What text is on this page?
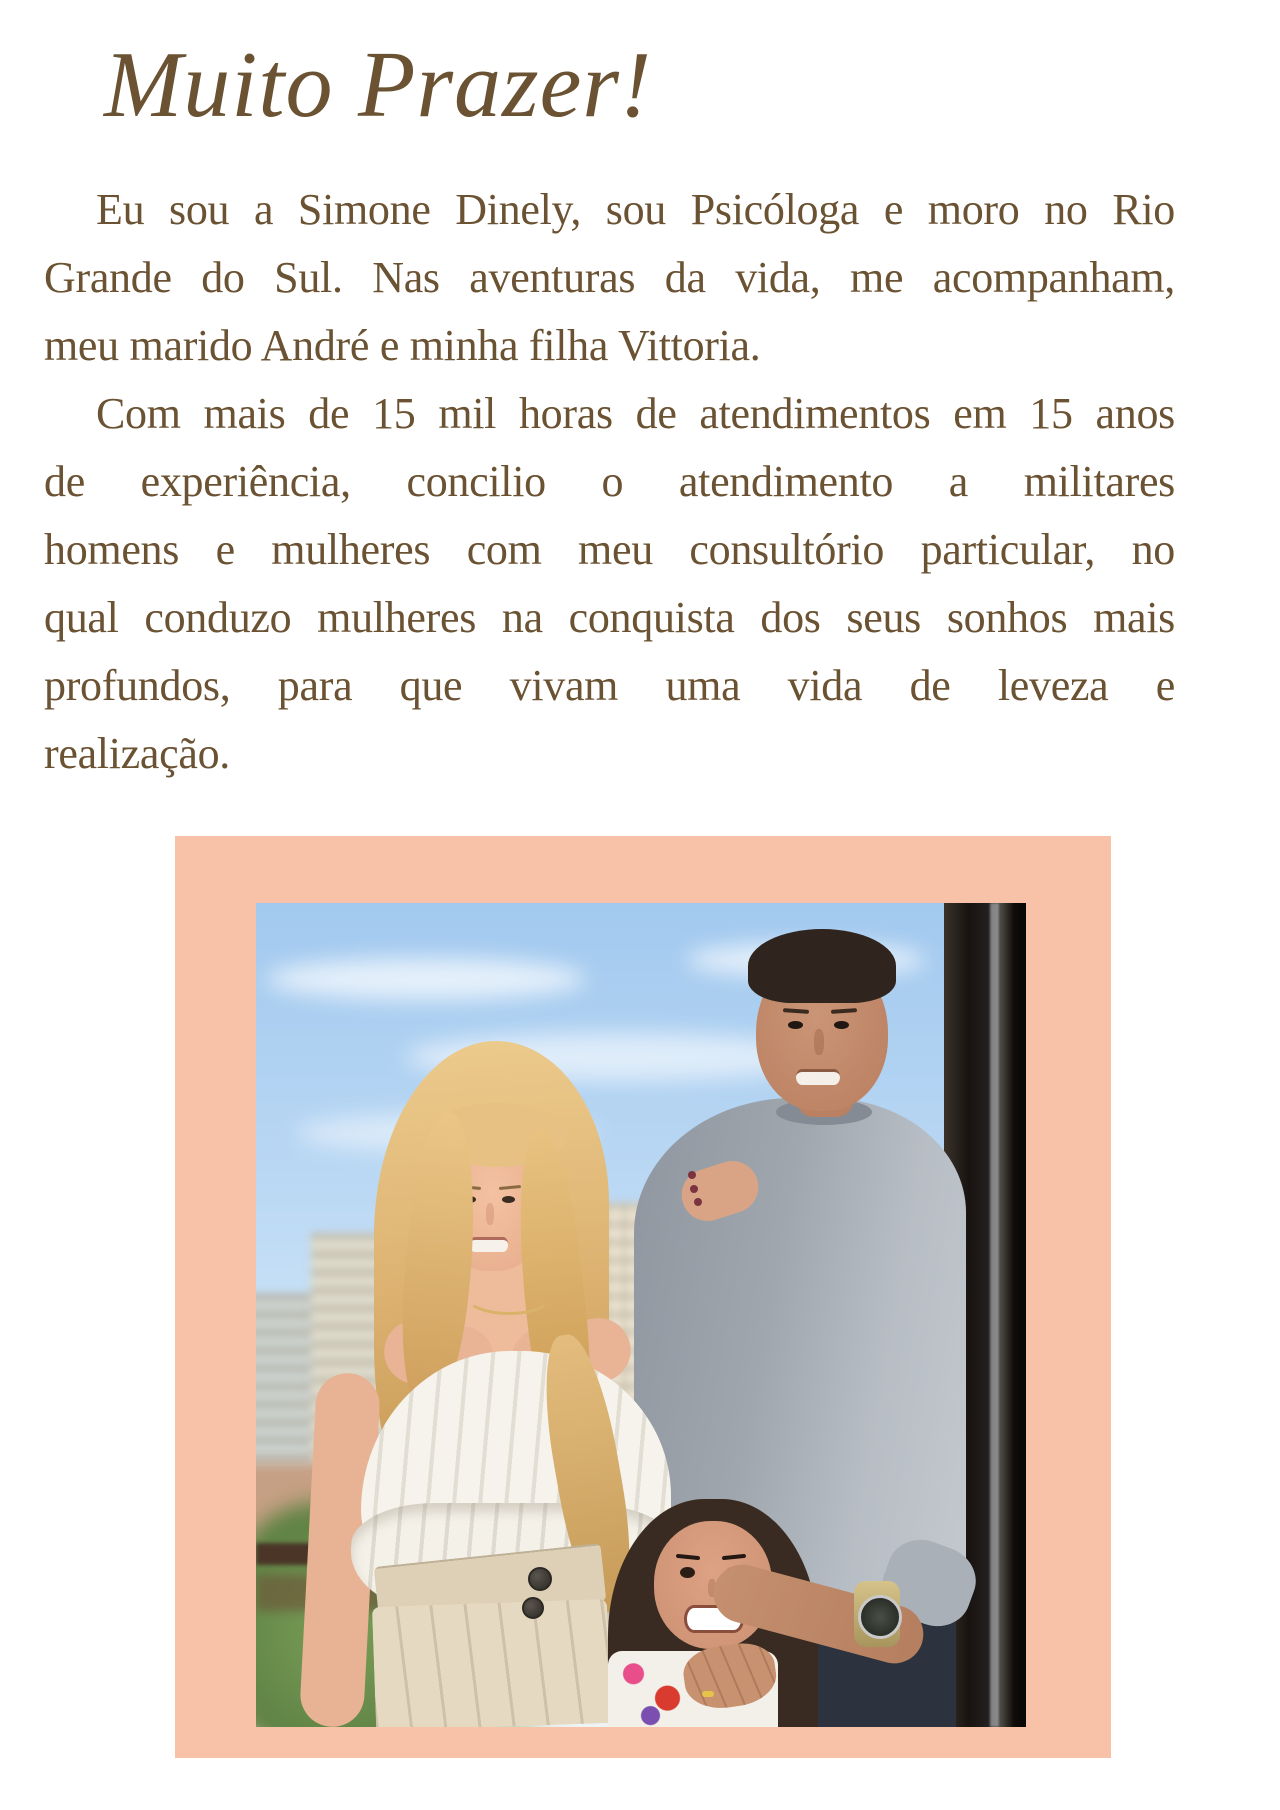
Muito Prazer!
Eu sou a Simone Dinely, sou Psicóloga e moro no Rio
Grande do Sul. Nas aventuras da vida, me acompanham,
meu marido André e minha filha Vittoria.
Com mais de 15 mil horas de atendimentos em 15 anos
de experiência, concilio o atendimento a militares
homens e mulheres com meu consultório particular, no
qual conduzo mulheres na conquista dos seus sonhos mais
profundos, para que vivam uma vida de leveza e
realização.
